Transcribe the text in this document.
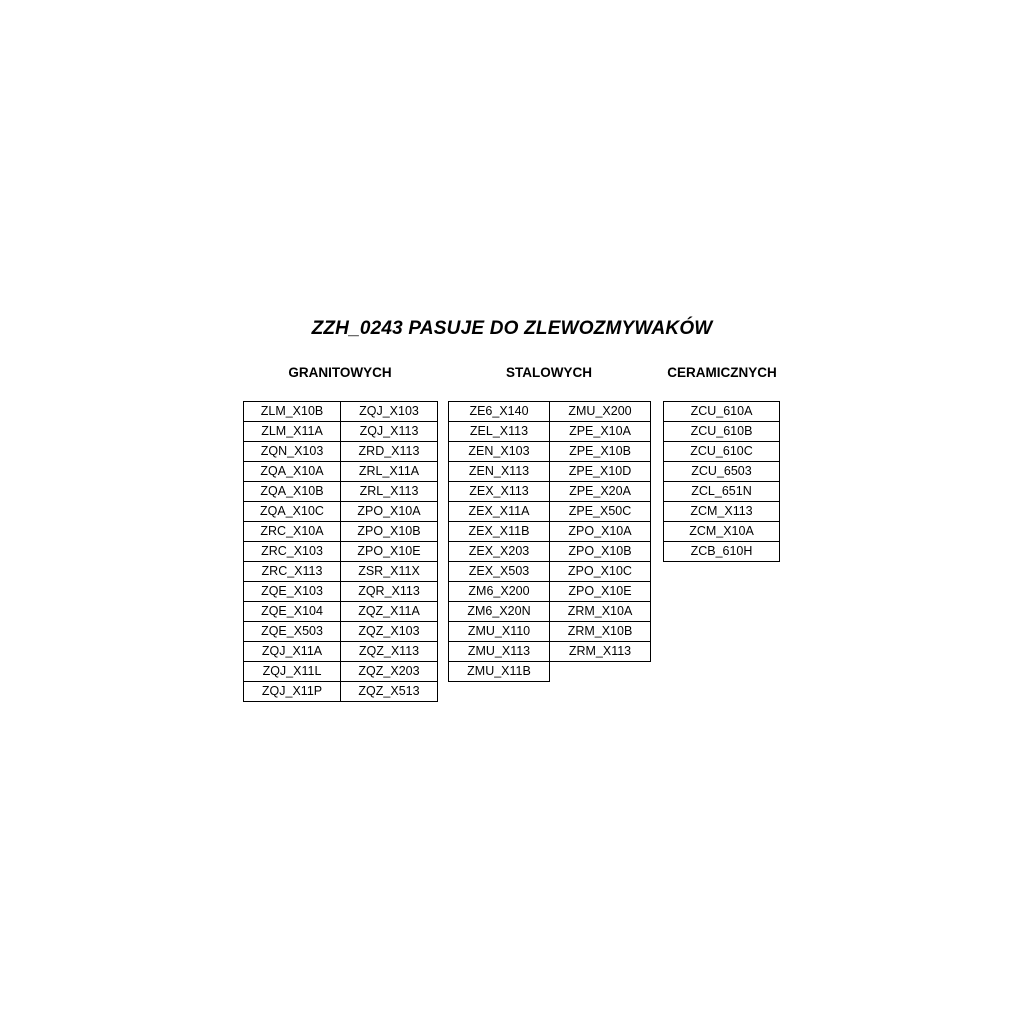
ZZH_0243 PASUJE DO ZLEWOZMYWAKÓW
GRANITOWYCH	STALOWYCH	CERAMICZNYCH
ZLM_X10B	ZQJ_X103
ZLM_X11A	ZQJ_X113
ZQN_X103	ZRD_X113
ZQA_X10A	ZRL_X11A
ZQA_X10B	ZRL_X113
ZQA_X10C	ZPO_X10A
ZRC_X10A	ZPO_X10B
ZRC_X103	ZPO_X10E
ZRC_X113	ZSR_X11X
ZQE_X103	ZQR_X113
ZQE_X104	ZQZ_X11A
ZQE_X503	ZQZ_X103
ZQJ_X11A	ZQZ_X113
ZQJ_X11L	ZQZ_X203
ZQJ_X11P	ZQZ_X513
ZE6_X140	ZMU_X200
ZEL_X113	ZPE_X10A
ZEN_X103	ZPE_X10B
ZEN_X113	ZPE_X10D
ZEX_X113	ZPE_X20A
ZEX_X11A	ZPE_X50C
ZEX_X11B	ZPO_X10A
ZEX_X203	ZPO_X10B
ZEX_X503	ZPO_X10C
ZM6_X200	ZPO_X10E
ZM6_X20N	ZRM_X10A
ZMU_X110	ZRM_X10B
ZMU_X113	ZRM_X113
ZMU_X11B	
ZCU_610A
ZCU_610B
ZCU_610C
ZCU_6503
ZCL_651N
ZCM_X113
ZCM_X10A
ZCB_610H
